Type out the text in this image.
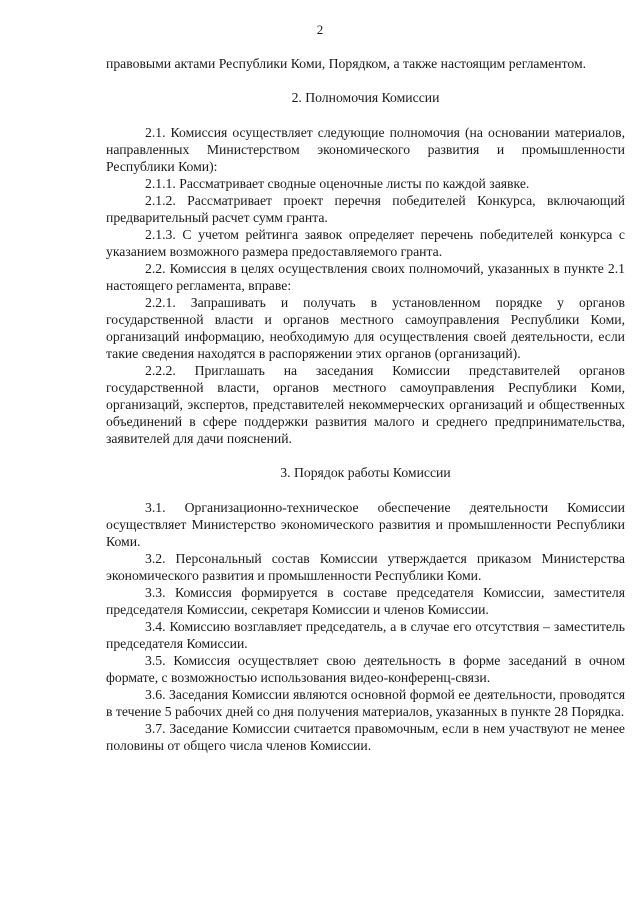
2

правовыми актами Республики Коми, Порядком, а также настоящим регламентом.

2. Полномочия Комиссии

2.1. Комиссия осуществляет следующие полномочия (на основании материалов, направленных Министерством экономического развития и промышленности Республики Коми):

2.1.1. Рассматривает сводные оценочные листы по каждой заявке.

2.1.2. Рассматривает проект перечня победителей Конкурса, включающий предварительный расчет сумм гранта.

2.1.3. С учетом рейтинга заявок определяет перечень победителей конкурса с указанием возможного размера предоставляемого гранта.

2.2. Комиссия в целях осуществления своих полномочий, указанных в пункте 2.1 настоящего регламента, вправе:

2.2.1. Запрашивать и получать в установленном порядке у органов государственной власти и органов местного самоуправления Республики Коми, организаций информацию, необходимую для осуществления своей деятельности, если такие сведения находятся в распоряжении этих органов (организаций).

2.2.2. Приглашать на заседания Комиссии представителей органов государственной власти, органов местного самоуправления Республики Коми, организаций, экспертов, представителей некоммерческих организаций и общественных объединений в сфере поддержки развития малого и среднего предпринимательства, заявителей для дачи пояснений.

3. Порядок работы Комиссии

3.1. Организационно-техническое обеспечение деятельности Комиссии осуществляет Министерство экономического развития и промышленности Республики Коми.

3.2. Персональный состав Комиссии утверждается приказом Министерства экономического развития и промышленности Республики Коми.

3.3. Комиссия формируется в составе председателя Комиссии, заместителя председателя Комиссии, секретаря Комиссии и членов Комиссии.

3.4. Комиссию возглавляет председатель, а в случае его отсутствия – заместитель председателя Комиссии.

3.5. Комиссия осуществляет свою деятельность в форме заседаний в очном формате, с возможностью использования видео-конференц-связи.

3.6. Заседания Комиссии являются основной формой ее деятельности, проводятся в течение 5 рабочих дней со дня получения материалов, указанных в пункте 28 Порядка.

3.7. Заседание Комиссии считается правомочным, если в нем участвуют не менее половины от общего числа членов Комиссии.
